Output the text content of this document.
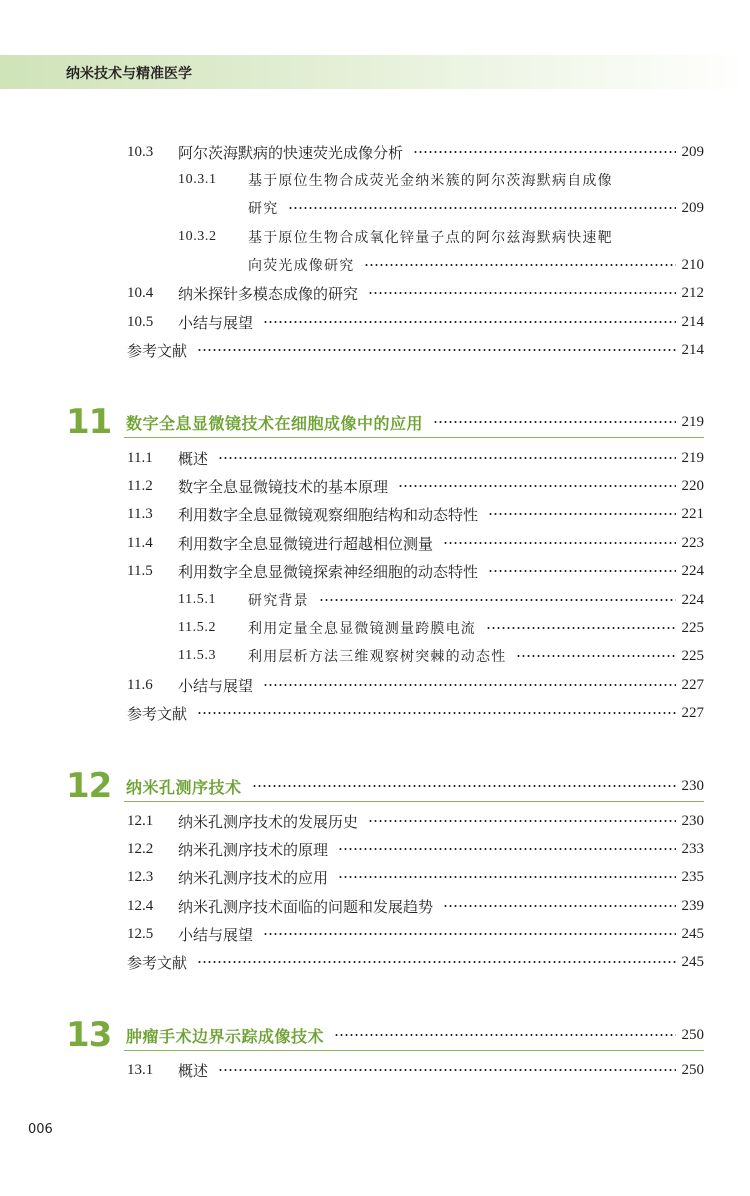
纳米技术与精准医学
10.3	阿尔茨海默病的快速荧光成像分析	209
10.3.1	基于原位生物合成荧光金纳米簇的阿尔茨海默病自成像
研究	209
10.3.2	基于原位生物合成氧化锌量子点的阿尔兹海默病快速靶
向荧光成像研究	210
10.4	纳米探针多模态成像的研究	212
10.5	小结与展望	214
参考文献	214
11 数字全息显微镜技术在细胞成像中的应用	219
11.1	概述	219
11.2	数字全息显微镜技术的基本原理	220
11.3	利用数字全息显微镜观察细胞结构和动态特性	221
11.4	利用数字全息显微镜进行超越相位测量	223
11.5	利用数字全息显微镜探索神经细胞的动态特性	224
11.5.1	研究背景	224
11.5.2	利用定量全息显微镜测量跨膜电流	225
11.5.3	利用层析方法三维观察树突棘的动态性	225
11.6	小结与展望	227
参考文献	227
12 纳米孔测序技术	230
12.1	纳米孔测序技术的发展历史	230
12.2	纳米孔测序技术的原理	233
12.3	纳米孔测序技术的应用	235
12.4	纳米孔测序技术面临的问题和发展趋势	239
12.5	小结与展望	245
参考文献	245
13 肿瘤手术边界示踪成像技术	250
13.1	概述	250
006
